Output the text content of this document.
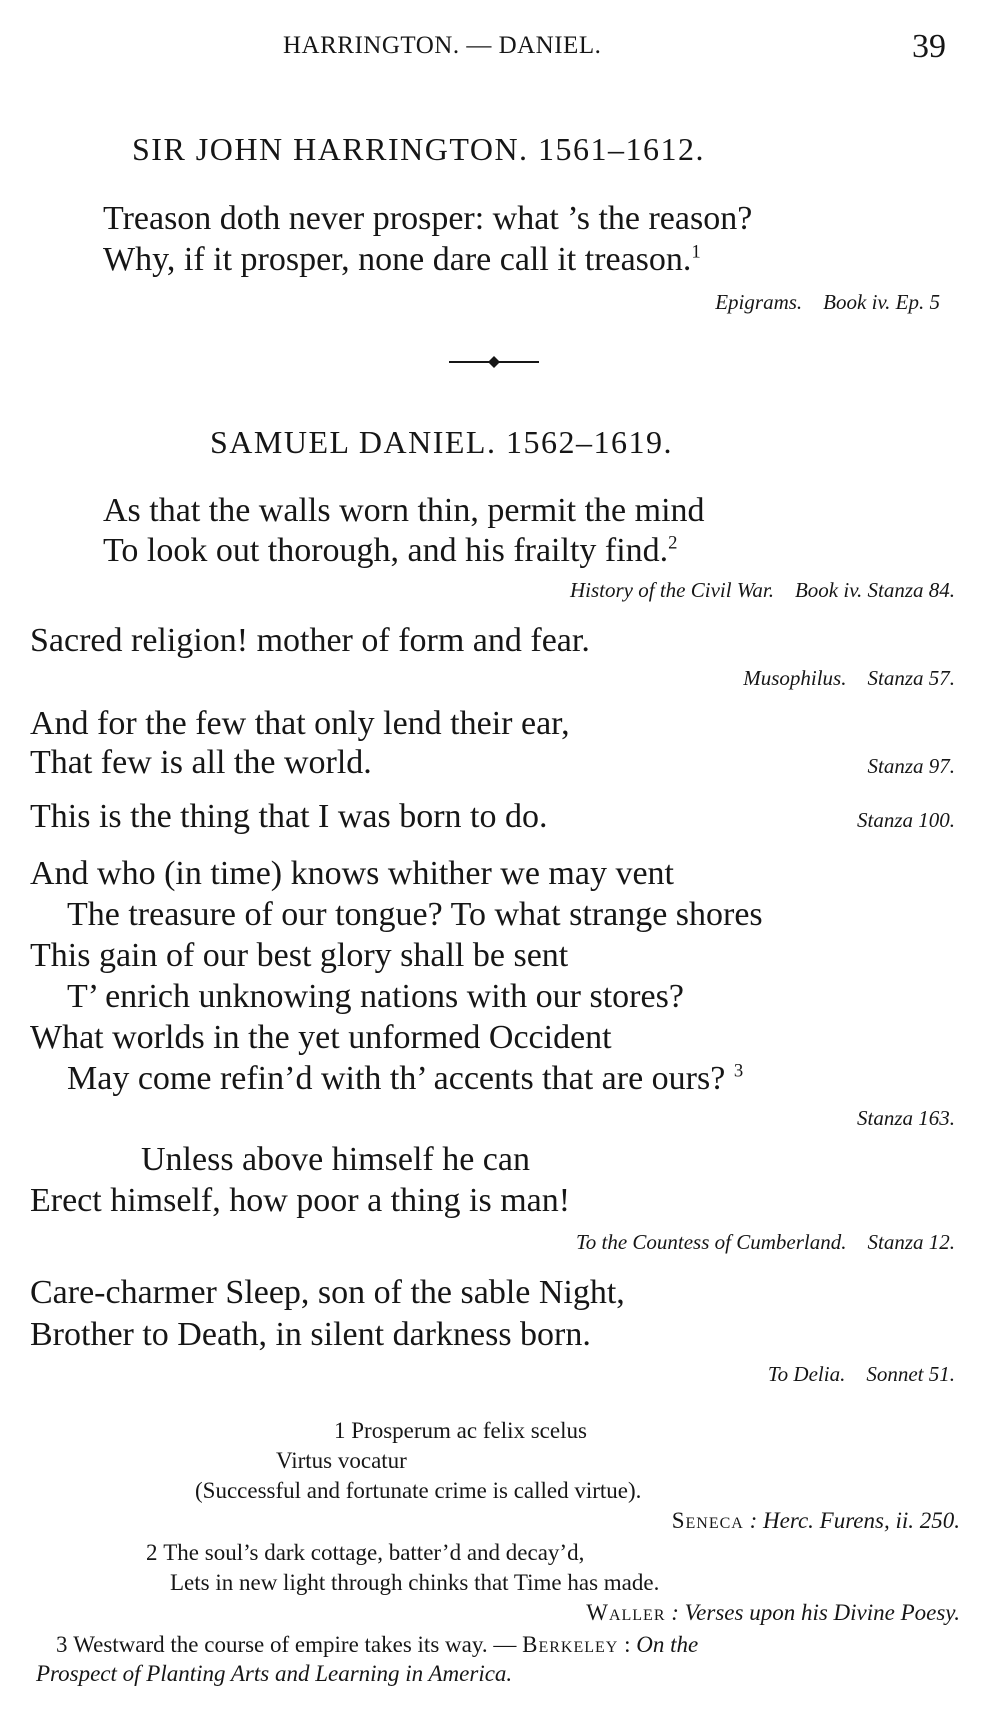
HARRINGTON. — DANIEL.	39
SIR JOHN HARRINGTON. 1561–1612.
Treason doth never prosper: what ’s the reason?
Why, if it prosper, none dare call it treason.$^1$
Epigrams. Book iv. Ep. 5
SAMUEL DANIEL. 1562–1619.
As that the walls worn thin, permit the mind
To look out thorough, and his frailty find.$^2$
History of the Civil War. Book iv. Stanza 84.
Sacred religion! mother of form and fear.
Musophilus. Stanza 57.
And for the few that only lend their ear,
That few is all the world.	Stanza 97.
This is the thing that I was born to do.	Stanza 100.
And who (in time) knows whither we may vent
The treasure of our tongue? To what strange shores
This gain of our best glory shall be sent
T’ enrich unknowing nations with our stores?
What worlds in the yet unformed Occident
May come refin’d with th’ accents that are ours? $^3$
Stanza 163.
Unless above himself he can
Erect himself, how poor a thing is man!
To the Countess of Cumberland. Stanza 12.
Care-charmer Sleep, son of the sable Night,
Brother to Death, in silent darkness born.
To Delia. Sonnet 51.
1 Prosperum ac felix scelus
Virtus vocatur
(Successful and fortunate crime is called virtue).
Seneca : Herc. Furens, ii. 250.
2 The soul’s dark cottage, batter’d and decay’d,
Lets in new light through chinks that Time has made.
Waller : Verses upon his Divine Poesy.
3 Westward the course of empire takes its way. — Berkeley : On the
Prospect of Planting Arts and Learning in America.
